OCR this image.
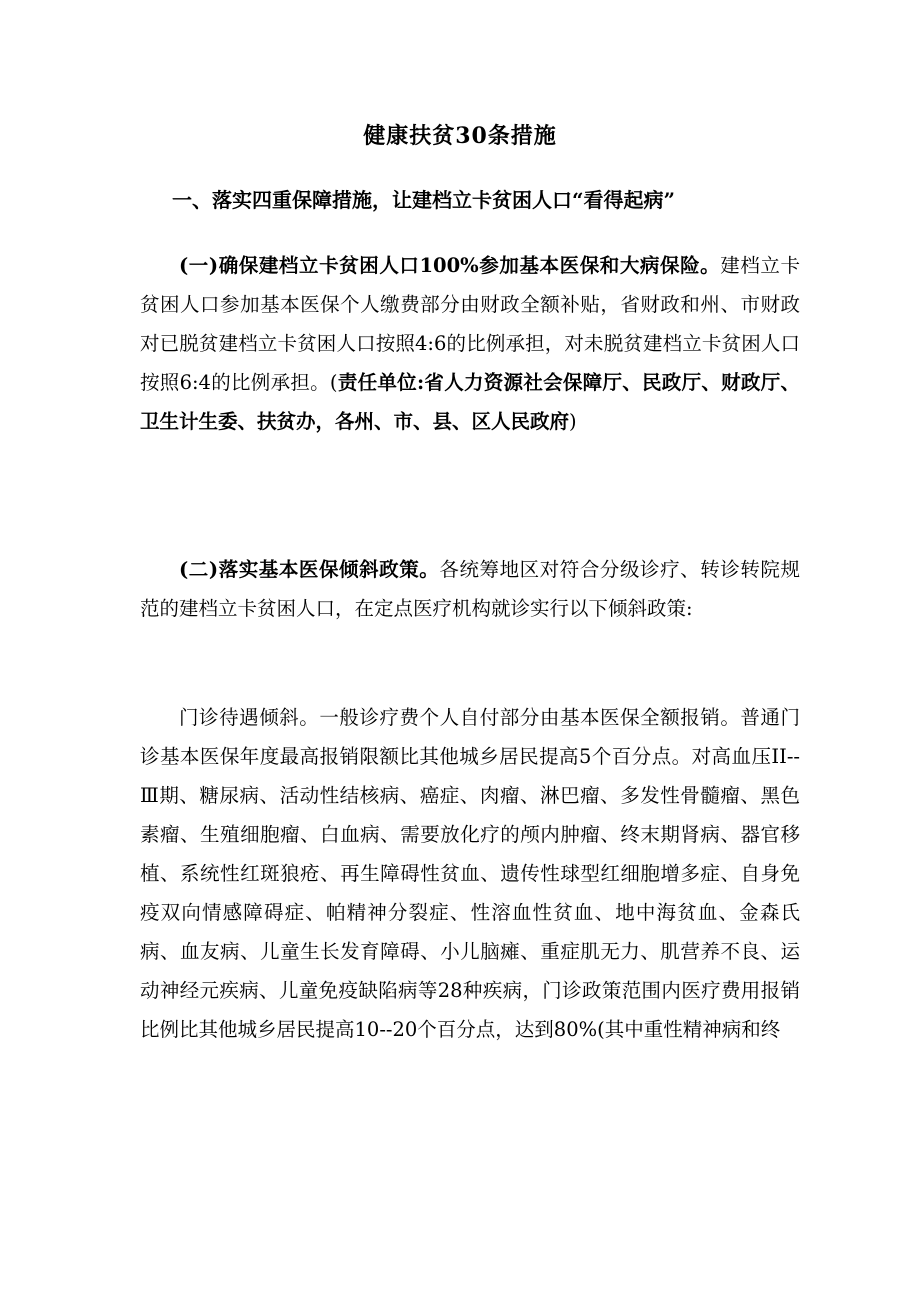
健康扶贫30条措施
一、落实四重保障措施，让建档立卡贫困人口“看得起病”
(一)确保建档立卡贫困人口100%参加基本医保和大病保险。建档立卡贫困人口参加基本医保个人缴费部分由财政全额补贴，省财政和州、市财政对已脱贫建档立卡贫困人口按照4:6的比例承担，对未脱贫建档立卡贫困人口按照6:4的比例承担。(责任单位:省人力资源社会保障厅、民政厅、财政厅、卫生计生委、扶贫办，各州、市、县、区人民政府)
(二)落实基本医保倾斜政策。各统筹地区对符合分级诊疗、转诊转院规范的建档立卡贫困人口，在定点医疗机构就诊实行以下倾斜政策:
门诊待遇倾斜。一般诊疗费个人自付部分由基本医保全额报销。普通门诊基本医保年度最高报销限额比其他城乡居民提高5个百分点。对高血压II--Ⅲ期、糖尿病、活动性结核病、癌症、肉瘤、淋巴瘤、多发性骨髓瘤、黑色素瘤、生殖细胞瘤、白血病、需要放化疗的颅内肿瘤、终末期肾病、器官移植、系统性红斑狼疮、再生障碍性贫血、遗传性球型红细胞增多症、自身免疫双向情感障碍症、帕精神分裂症、性溶血性贫血、地中海贫血、金森氏病、血友病、儿童生长发育障碍、小儿脑瘫、重症肌无力、肌营养不良、运动神经元疾病、儿童免疫缺陷病等28种疾病，门诊政策范围内医疗费用报销比例比其他城乡居民提高10--20个百分点，达到80%(其中重性精神病和终
